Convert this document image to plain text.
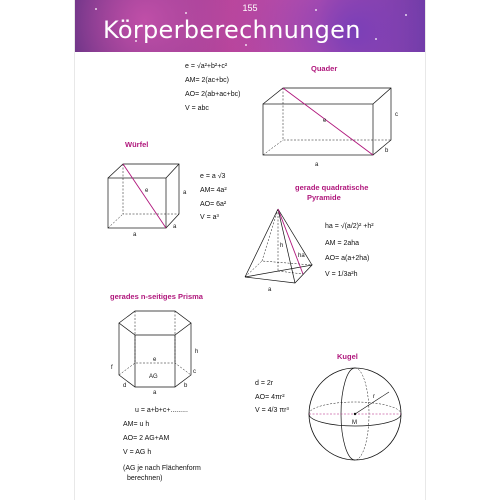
155
Körperberechnungen
e = √a²+b²+c²
AM= 2(ac+bc)
AO= 2(ab+ac+bc)
V = abc
Quader
e
a
b
c
Würfel
e
a
a
a
e = a √3
AM= 4a²
AO= 6a²
V = a³
gerade quadratische
Pyramide
h
ha
a
ha = √(a/2)² +h²
AM = 2aha
AO= a(a+2ha)
V = 1/3a²h
gerades n-seitiges Prisma
h
a
b
c
e
f
d
AG
u = a+b+c+.........
AM= u h
AO= 2 AG+AM
V = AG h
(AG je nach Flächenform
berechnen)
Kugel
d = 2r
AO= 4πr²
V = 4/3 πr³
r
M
